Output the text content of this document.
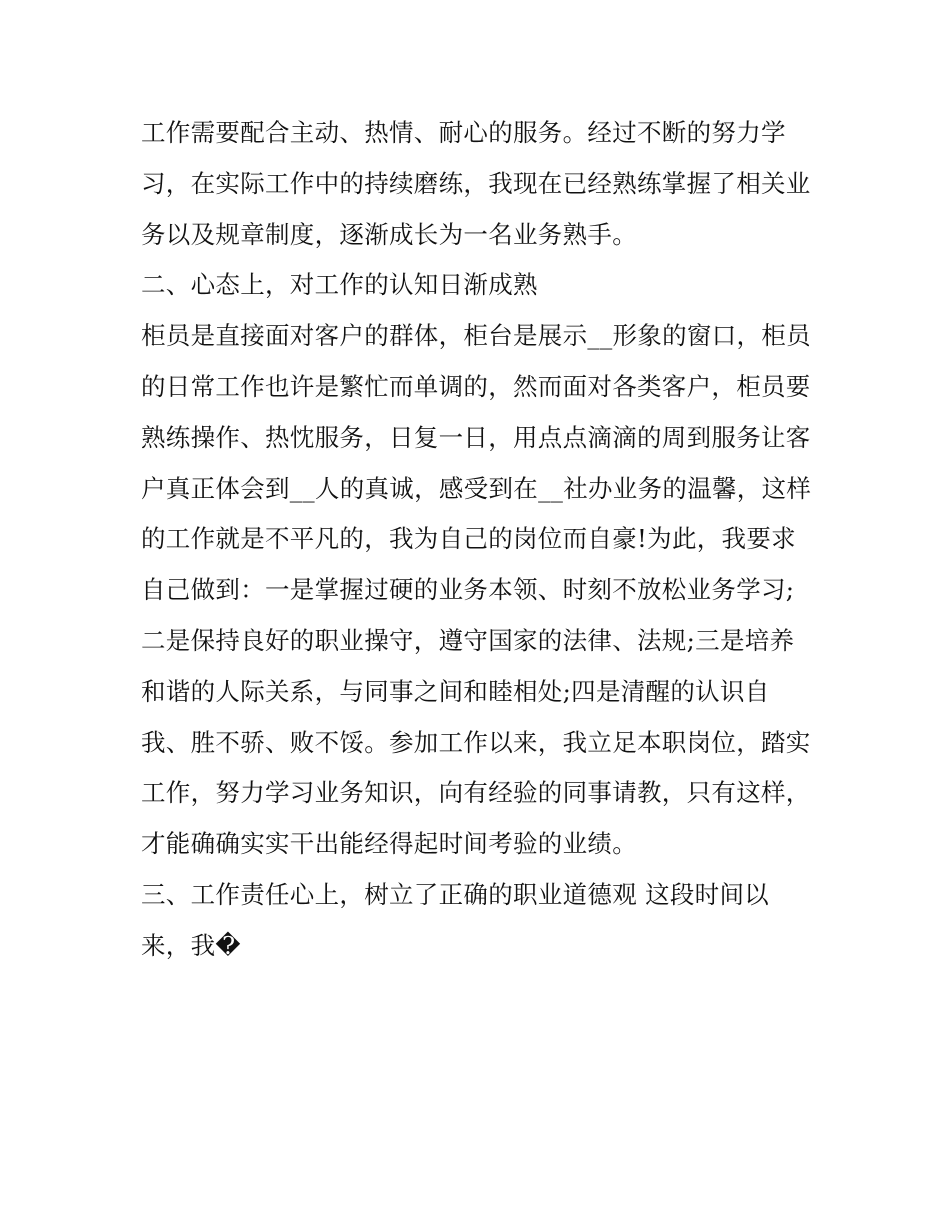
工作需要配合主动、热情、耐心的服务。经过不断的努力学
习，在实际工作中的持续磨练，我现在已经熟练掌握了相关业
务以及规章制度，逐渐成长为一名业务熟手。
二、心态上，对工作的认知日渐成熟
柜员是直接面对客户的群体，柜台是展示__形象的窗口，柜员
的日常工作也许是繁忙而单调的，然而面对各类客户，柜员要
熟练操作、热忱服务，日复一日，用点点滴滴的周到服务让客
户真正体会到__人的真诚，感受到在__社办业务的温馨，这样
的工作就是不平凡的，我为自己的岗位而自豪!为此，我要求
自己做到：一是掌握过硬的业务本领、时刻不放松业务学习;
二是保持良好的职业操守，遵守国家的法律、法规;三是培养
和谐的人际关系，与同事之间和睦相处;四是清醒的认识自
我、胜不骄、败不馁。参加工作以来，我立足本职岗位，踏实
工作，努力学习业务知识，向有经验的同事请教，只有这样，
才能确确实实干出能经得起时间考验的业绩。
三、工作责任心上，树立了正确的职业道德观 这段时间以
来，我�
